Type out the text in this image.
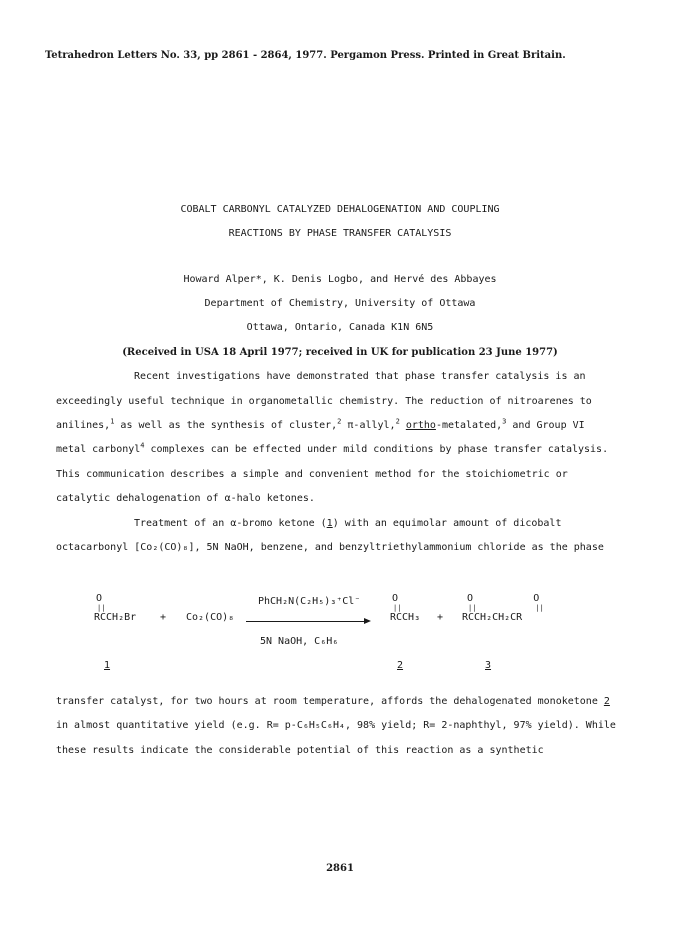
Tetrahedron Letters No. 33, pp 2861 - 2864, 1977. Pergamon Press. Printed in Great Britain.
COBALT CARBONYL CATALYZED DEHALOGENATION AND COUPLING
REACTIONS BY PHASE TRANSFER CATALYSIS
Howard Alper*, K. Denis Logbo, and Hervé des Abbayes
Department of Chemistry, University of Ottawa
Ottawa, Ontario, Canada K1N 6N5
(Received in USA 18 April 1977; received in UK for publication 23 June 1977)
Recent investigations have demonstrated that phase transfer catalysis is an
exceedingly useful technique in organometallic chemistry. The reduction of nitroarenes to
anilines,$^1$ as well as the synthesis of cluster,$^2$ π-allyl,$^2$ ortho-metalated,$^3$ and Group VI
metal carbonyl$^4$ complexes can be effected under mild conditions by phase transfer catalysis.
This communication describes a simple and convenient method for the stoichiometric or
catalytic dehalogenation of α-halo ketones.
Treatment of an α-bromo ketone (1) with an equimolar amount of dicobalt
octacarbonyl [Co₂(CO)₈], 5N NaOH, benzene, and benzyltriethylammonium chloride as the phase
O
||
RCCH₂Br + Co₂(CO)₈
PhCH₂N(C₂H₅)₃⁺Cl⁻
5N NaOH, C₆H₆
O
||
RCCH₃ +
O          O
||              ||
RCCH₂CH₂CR
1	2	3
transfer catalyst, for two hours at room temperature, affords the dehalogenated monoketone 2
in almost quantitative yield (e.g. R= p-C₆H₅C₆H₄, 98% yield; R= 2-naphthyl, 97% yield). While
these results indicate the considerable potential of this reaction as a synthetic
2861
